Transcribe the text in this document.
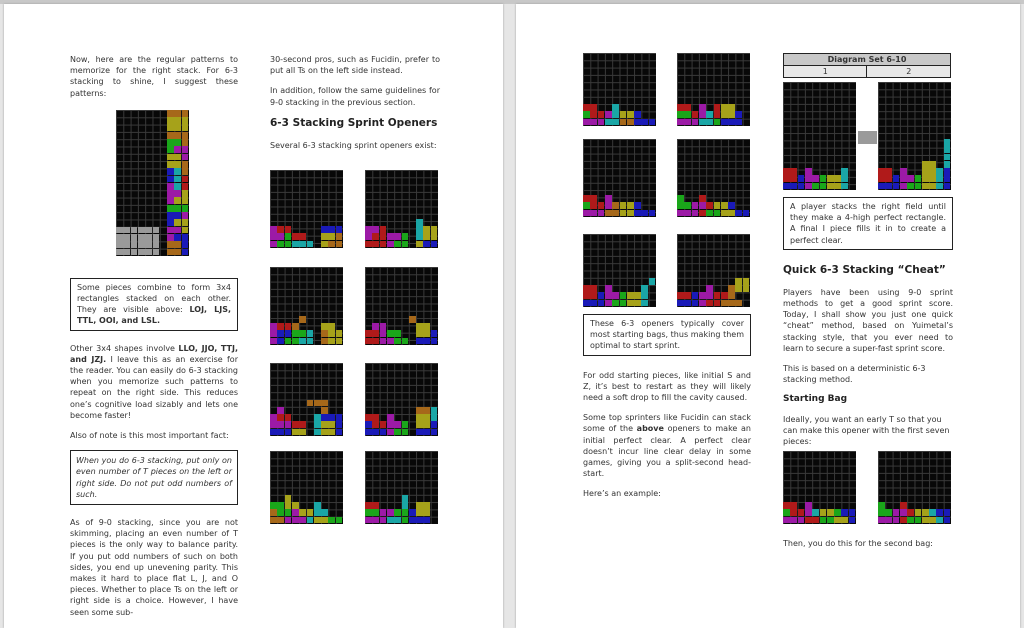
Now, here are the regular patterns to memorize for the right stack. For 6-3 stacking to shine, I suggest these patterns:

Some pieces combine to form 3x4 rectangles stacked on each other. They are visible above: LOJ, LJS, TTL, OOI, and LSL.

Other 3x4 shapes involve LLO, JJO, TTJ, and JZJ. I leave this as an exercise for the reader. You can easily do 6-3 stacking when you memorize such patterns to repeat on the right side. This reduces one’s cognitive load sizably and lets one become faster!

Also of note is this most important fact:

When you do 6-3 stacking, put only on even number of T pieces on the left or right side. Do not put odd numbers of such.

As of 9-0 stacking, since you are not skimming, placing an even number of T pieces is the only way to balance parity. If you put odd numbers of such on both sides, you end up unevening parity. This makes it hard to place flat L, J, and O pieces. Whether to place Ts on the left or right side is a choice. However, I have seen some sub-

30-second pros, such as Fucidin, prefer to put all Ts on the left side instead.

In addition, follow the same guidelines for 9-0 stacking in the previous section.

6-3 Stacking Sprint Openers

Several 6-3 stacking sprint openers exist:

These 6-3 openers typically cover most starting bags, thus making them optimal to start sprint.

For odd starting pieces, like initial S and Z, it’s best to restart as they will likely need a soft drop to fill the cavity caused.

Some top sprinters like Fucidin can stack some of the above openers to make an initial perfect clear. A perfect clear doesn’t incur line clear delay in some games, giving you a split-second head-start.

Here’s an example:

Diagram Set 6-10
1	2
A player stacks the right field until they make a 4-high perfect rectangle. A final I piece fills it in to create a perfect clear.
Quick 6-3 Stacking “Cheat”

Players have been using 9-0 sprint methods to get a good sprint score. Today, I shall show you just one quick “cheat” method, based on Yuimetal’s stacking style, that you ever need to learn to secure a super-fast sprint score.

This is based on a deterministic 6-3 stacking method.

Starting Bag

Ideally, you want an early T so that you can make this opener with the first seven pieces:

Then, you do this for the second bag:
